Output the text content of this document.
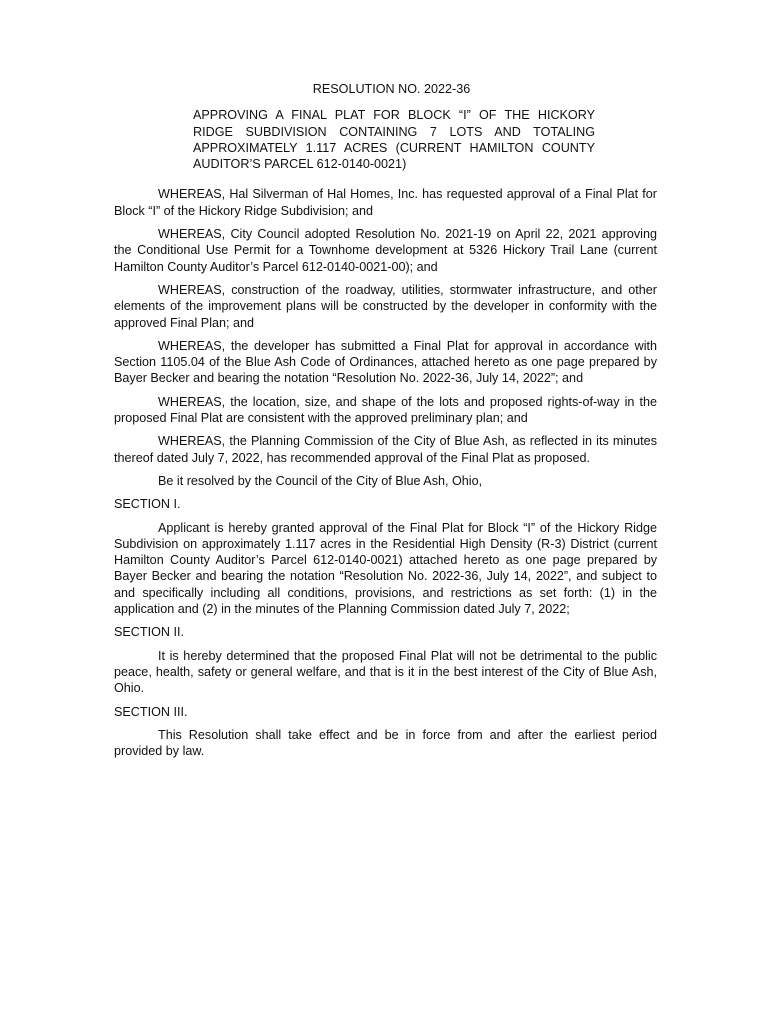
RESOLUTION NO. 2022-36
APPROVING A FINAL PLAT FOR BLOCK “I” OF THE HICKORY RIDGE SUBDIVISION CONTAINING 7 LOTS AND TOTALING APPROXIMATELY 1.117 ACRES (CURRENT HAMILTON COUNTY AUDITOR’S PARCEL 612-0140-0021)

WHEREAS, Hal Silverman of Hal Homes, Inc. has requested approval of a Final Plat for Block “I” of the Hickory Ridge Subdivision; and

WHEREAS, City Council adopted Resolution No. 2021-19 on April 22, 2021 approving the Conditional Use Permit for a Townhome development at 5326 Hickory Trail Lane (current Hamilton County Auditor’s Parcel 612-0140-0021-00); and

WHEREAS, construction of the roadway, utilities, stormwater infrastructure, and other elements of the improvement plans will be constructed by the developer in conformity with the approved Final Plan; and

WHEREAS, the developer has submitted a Final Plat for approval in accordance with Section 1105.04 of the Blue Ash Code of Ordinances, attached hereto as one page prepared by Bayer Becker and bearing the notation “Resolution No. 2022-36, July 14, 2022”; and

WHEREAS, the location, size, and shape of the lots and proposed rights-of-way in the proposed Final Plat are consistent with the approved preliminary plan; and

WHEREAS, the Planning Commission of the City of Blue Ash, as reflected in its minutes thereof dated July 7, 2022, has recommended approval of the Final Plat as proposed.

Be it resolved by the Council of the City of Blue Ash, Ohio,

SECTION I.

Applicant is hereby granted approval of the Final Plat for Block “I” of the Hickory Ridge Subdivision on approximately 1.117 acres in the Residential High Density (R-3) District (current Hamilton County Auditor’s Parcel 612-0140-0021) attached hereto as one page prepared by Bayer Becker and bearing the notation “Resolution No. 2022-36, July 14, 2022”, and subject to and specifically including all conditions, provisions, and restrictions as set forth: (1) in the application and (2) in the minutes of the Planning Commission dated July 7, 2022;

SECTION II.

It is hereby determined that the proposed Final Plat will not be detrimental to the public peace, health, safety or general welfare, and that is it in the best interest of the City of Blue Ash, Ohio.

SECTION III.

This Resolution shall take effect and be in force from and after the earliest period provided by law.
